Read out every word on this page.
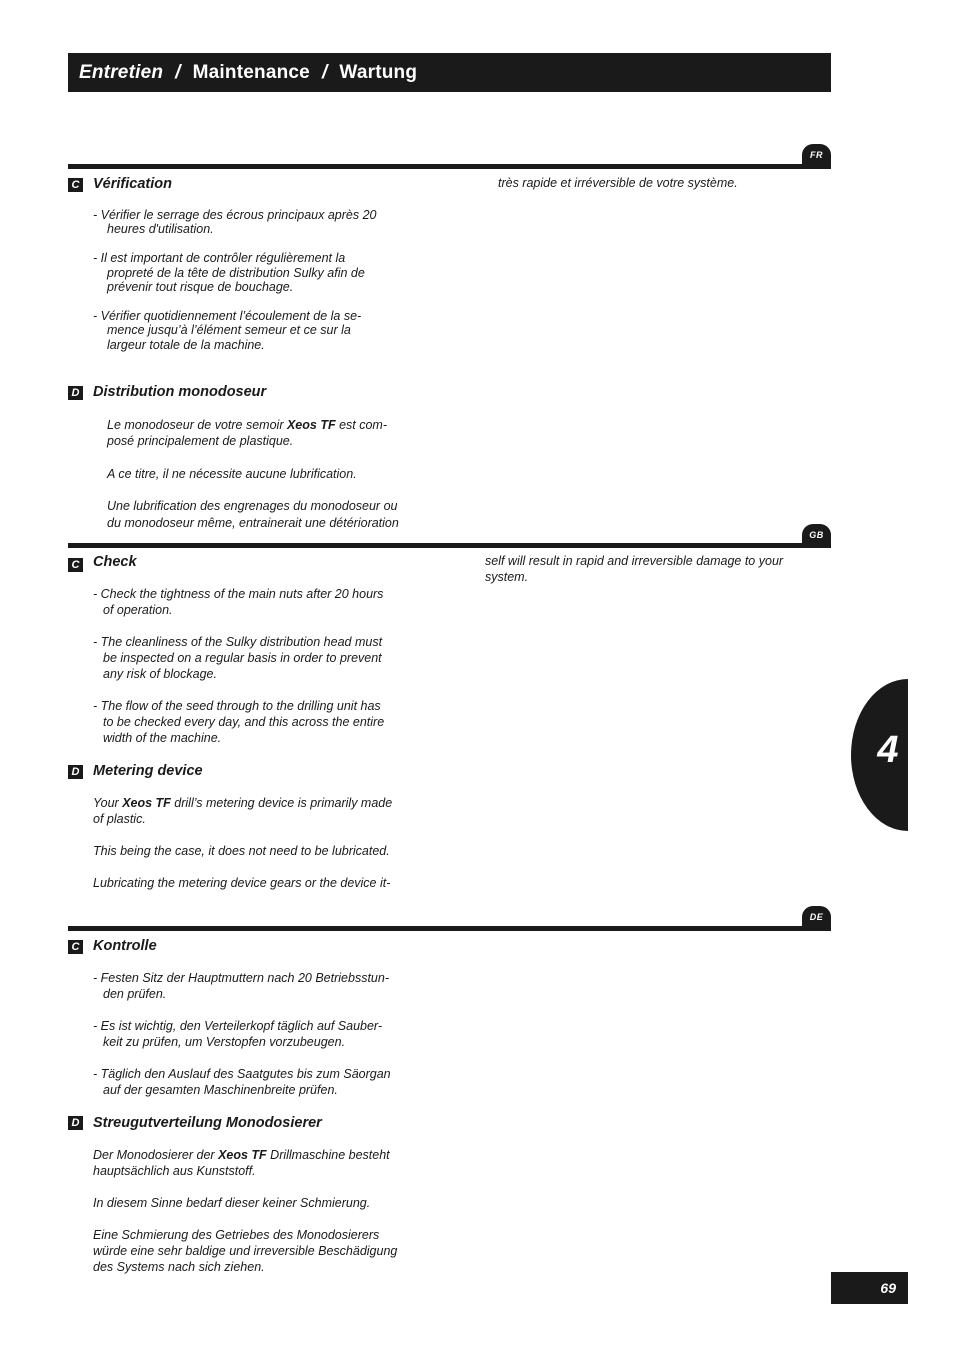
Entretien / Maintenance / Wartung
FR
C Vérification
- Vérifier le serrage des écrous principaux après 20
heures d'utilisation.
- Il est important de contrôler régulièrement la
propreté de la tête de distribution Sulky afin de
prévenir tout risque de bouchage.
- Vérifier quotidiennement l’écoulement de la se-
mence jusqu’à l’élément semeur et ce sur la
largeur totale de la machine.
D Distribution monodoseur
Le monodoseur de votre semoir Xeos TF est com-
posé principalement de plastique.
A ce titre, il ne nécessite aucune lubrification.
Une lubrification des engrenages du monodoseur ou
du monodoseur même, entrainerait une détérioration
très rapide et irréversible de votre système.
GB
C Check
- Check the tightness of the main nuts after 20 hours
of operation.
- The cleanliness of the Sulky distribution head must
be inspected on a regular basis in order to prevent
any risk of blockage.
- The flow of the seed through to the drilling unit has
to be checked every day, and this across the entire
width of the machine.
D Metering device
Your Xeos TF drill’s metering device is primarily made
of plastic.
This being the case, it does not need to be lubricated.
Lubricating the metering device gears or the device it-
self will result in rapid and irreversible damage to your
system.
DE
C Kontrolle
- Festen Sitz der Hauptmuttern nach 20 Betriebsstun-
den prüfen.
- Es ist wichtig, den Verteilerkopf täglich auf Sauber-
keit zu prüfen, um Verstopfen vorzubeugen.
- Täglich den Auslauf des Saatgutes bis zum Säorgan
auf der gesamten Maschinenbreite prüfen.
D Streugutverteilung Monodosierer
Der Monodosierer der Xeos TF Drillmaschine besteht
hauptsächlich aus Kunststoff.
In diesem Sinne bedarf dieser keiner Schmierung.
Eine Schmierung des Getriebes des Monodosierers
würde eine sehr baldige und irreversible Beschädigung
des Systems nach sich ziehen.
4
69
